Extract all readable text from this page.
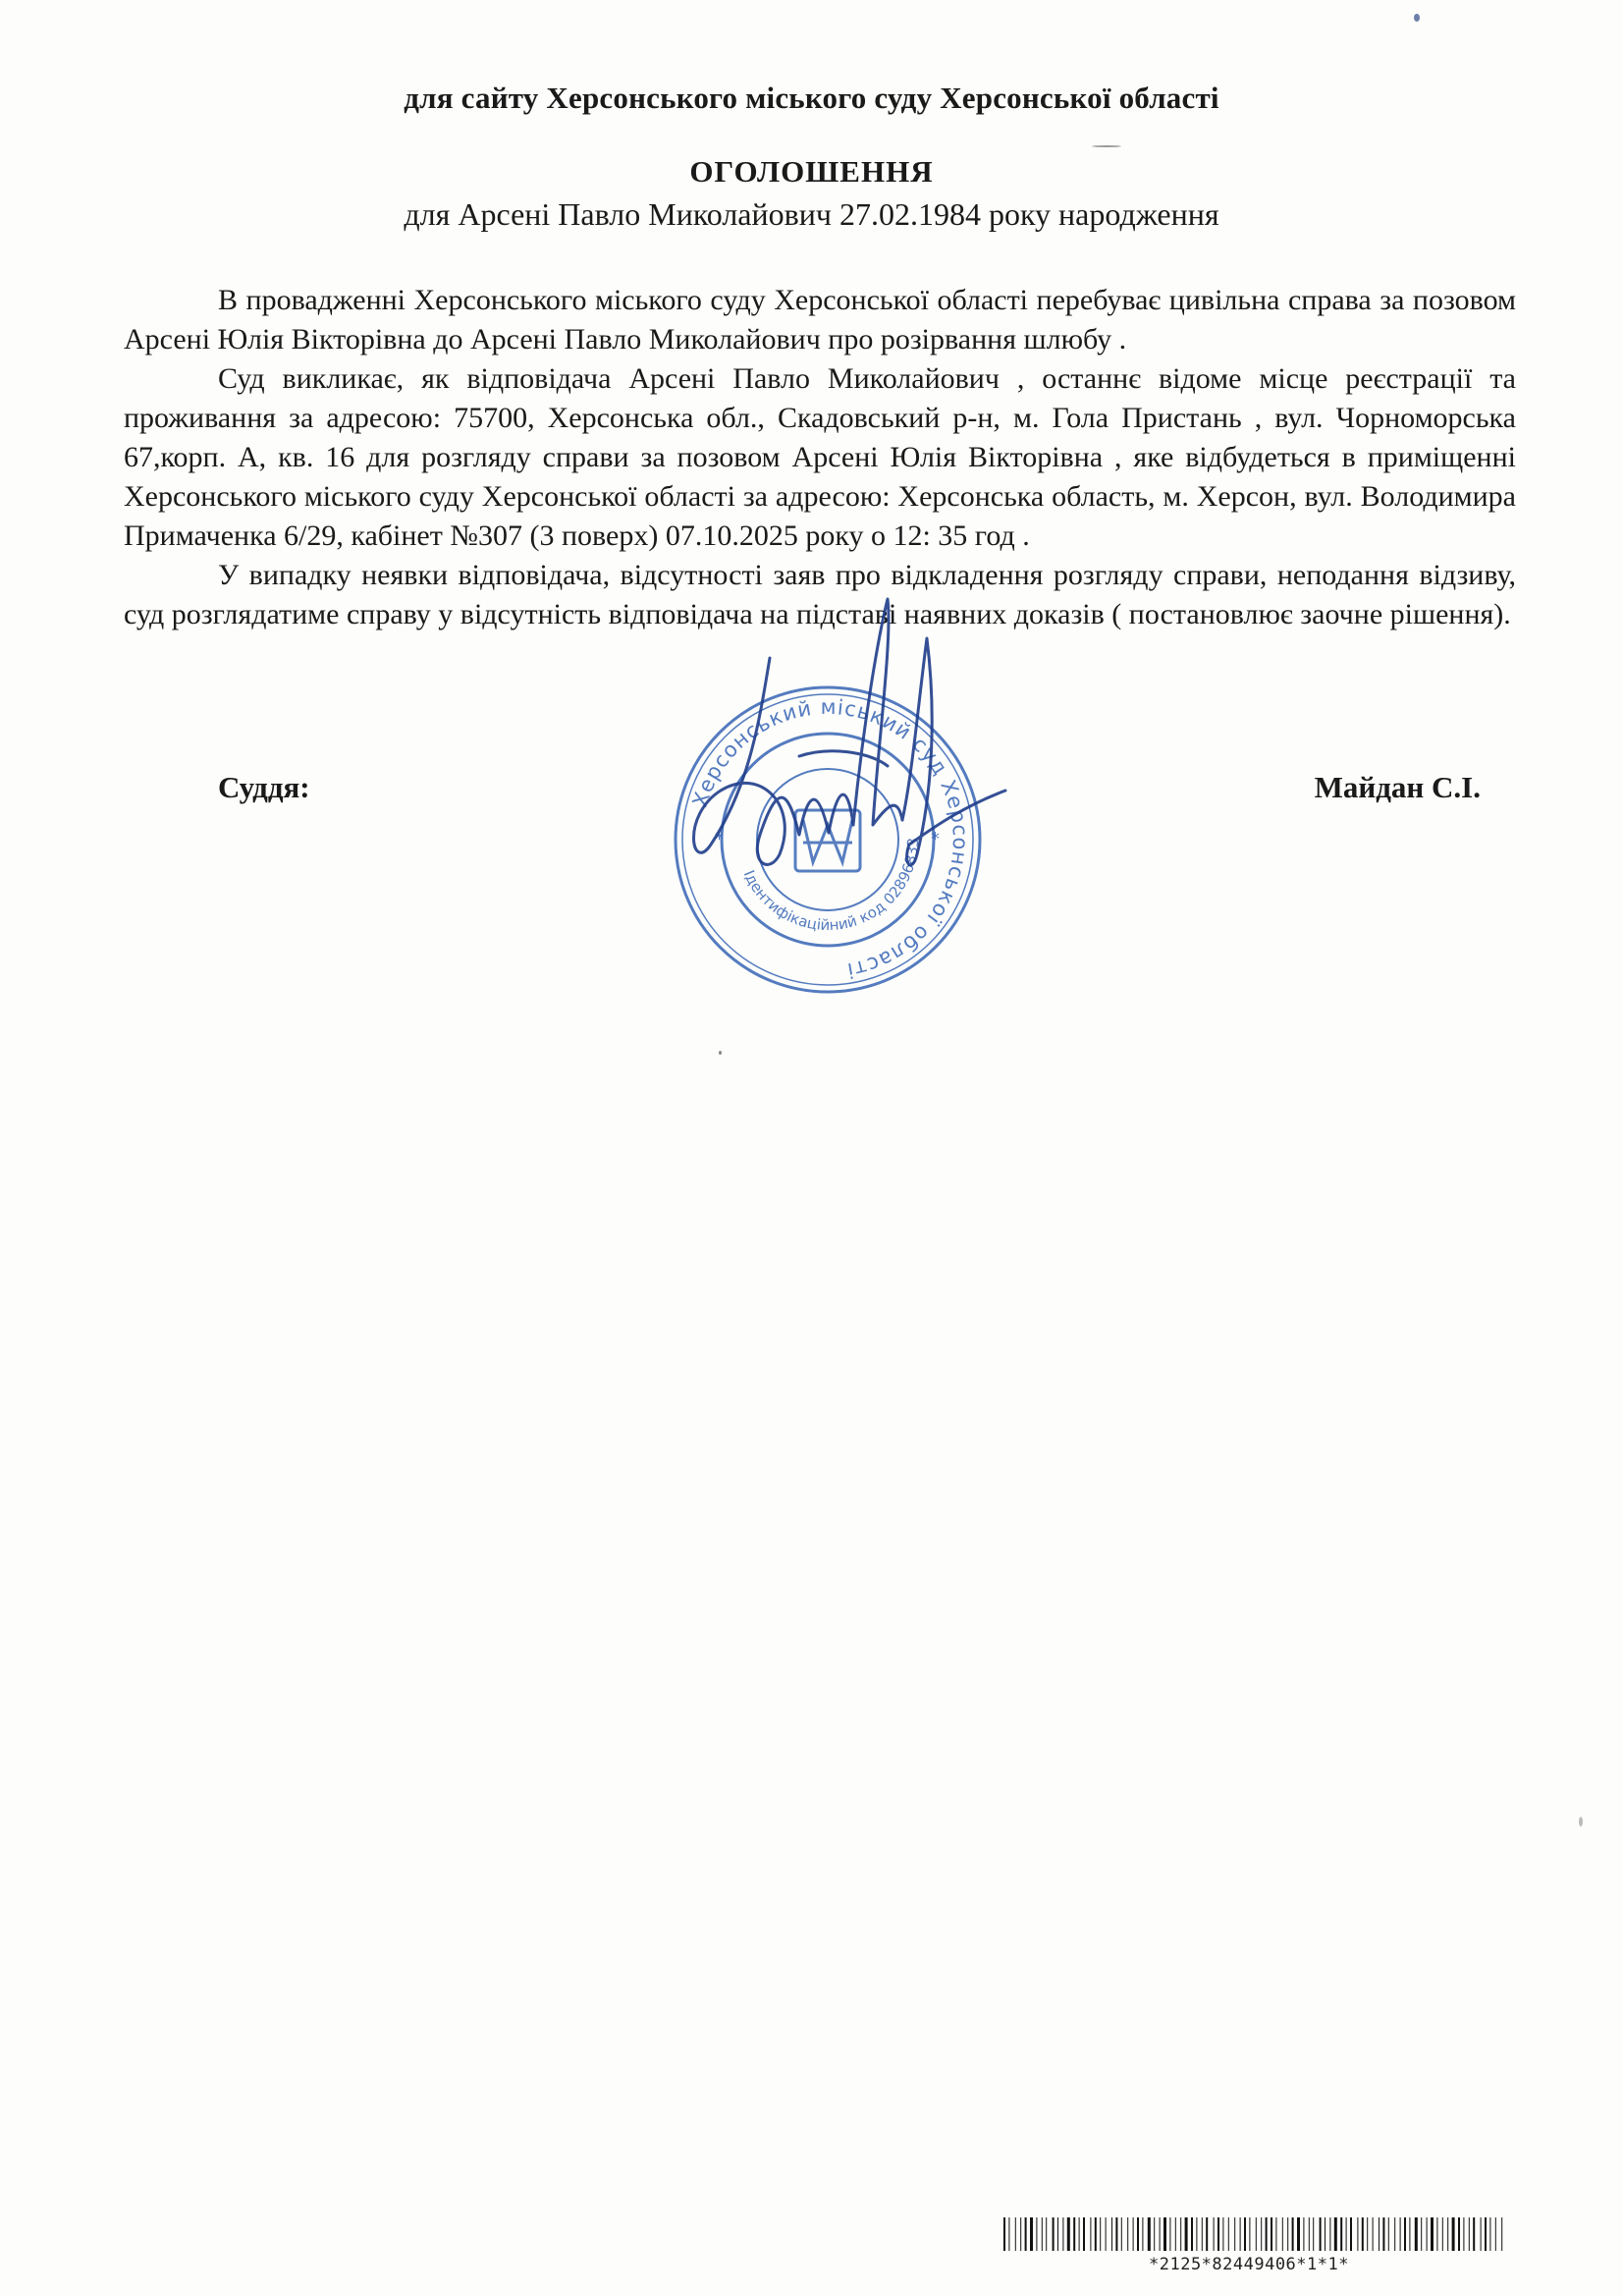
для сайту Херсонського міського суду Херсонської області
ОГОЛОШЕННЯ
для Арсені Павло Миколайович 27.02.1984 року народження

В провадженні Херсонського міського суду Херсонської області перебуває цивільна справа за позовом Арсені Юлія Вікторівна до Арсені Павло Миколайович про розірвання шлюбу .

Суд викликає, як відповідача Арсені Павло Миколайович , останнє відоме місце реєстрації та проживання за адресою: 75700, Херсонська обл., Скадовський р-н, м. Гола Пристань , вул. Чорноморська 67,корп. А, кв. 16 для розгляду справи за позовом Арсені Юлія Вікторівна , яке відбудеться в приміщенні Херсонського міського суду Херсонської області за адресою: Херсонська область, м. Херсон, вул. Володимира Примаченка 6/29, кабінет №307 (3 поверх) 07.10.2025 року о 12: 35 год .

У випадку неявки відповідача, відсутності заяв про відкладення розгляду справи, неподання відзиву, суд розглядатиме справу у відсутність відповідача на підставі наявних доказів ( постановлює заочне рішення).

Суддя:	Майдан С.І.
Херсонський міський суд Херсонської області
Ідентифікаційний код 02896833
*	*
*2125*82449406*1*1*
